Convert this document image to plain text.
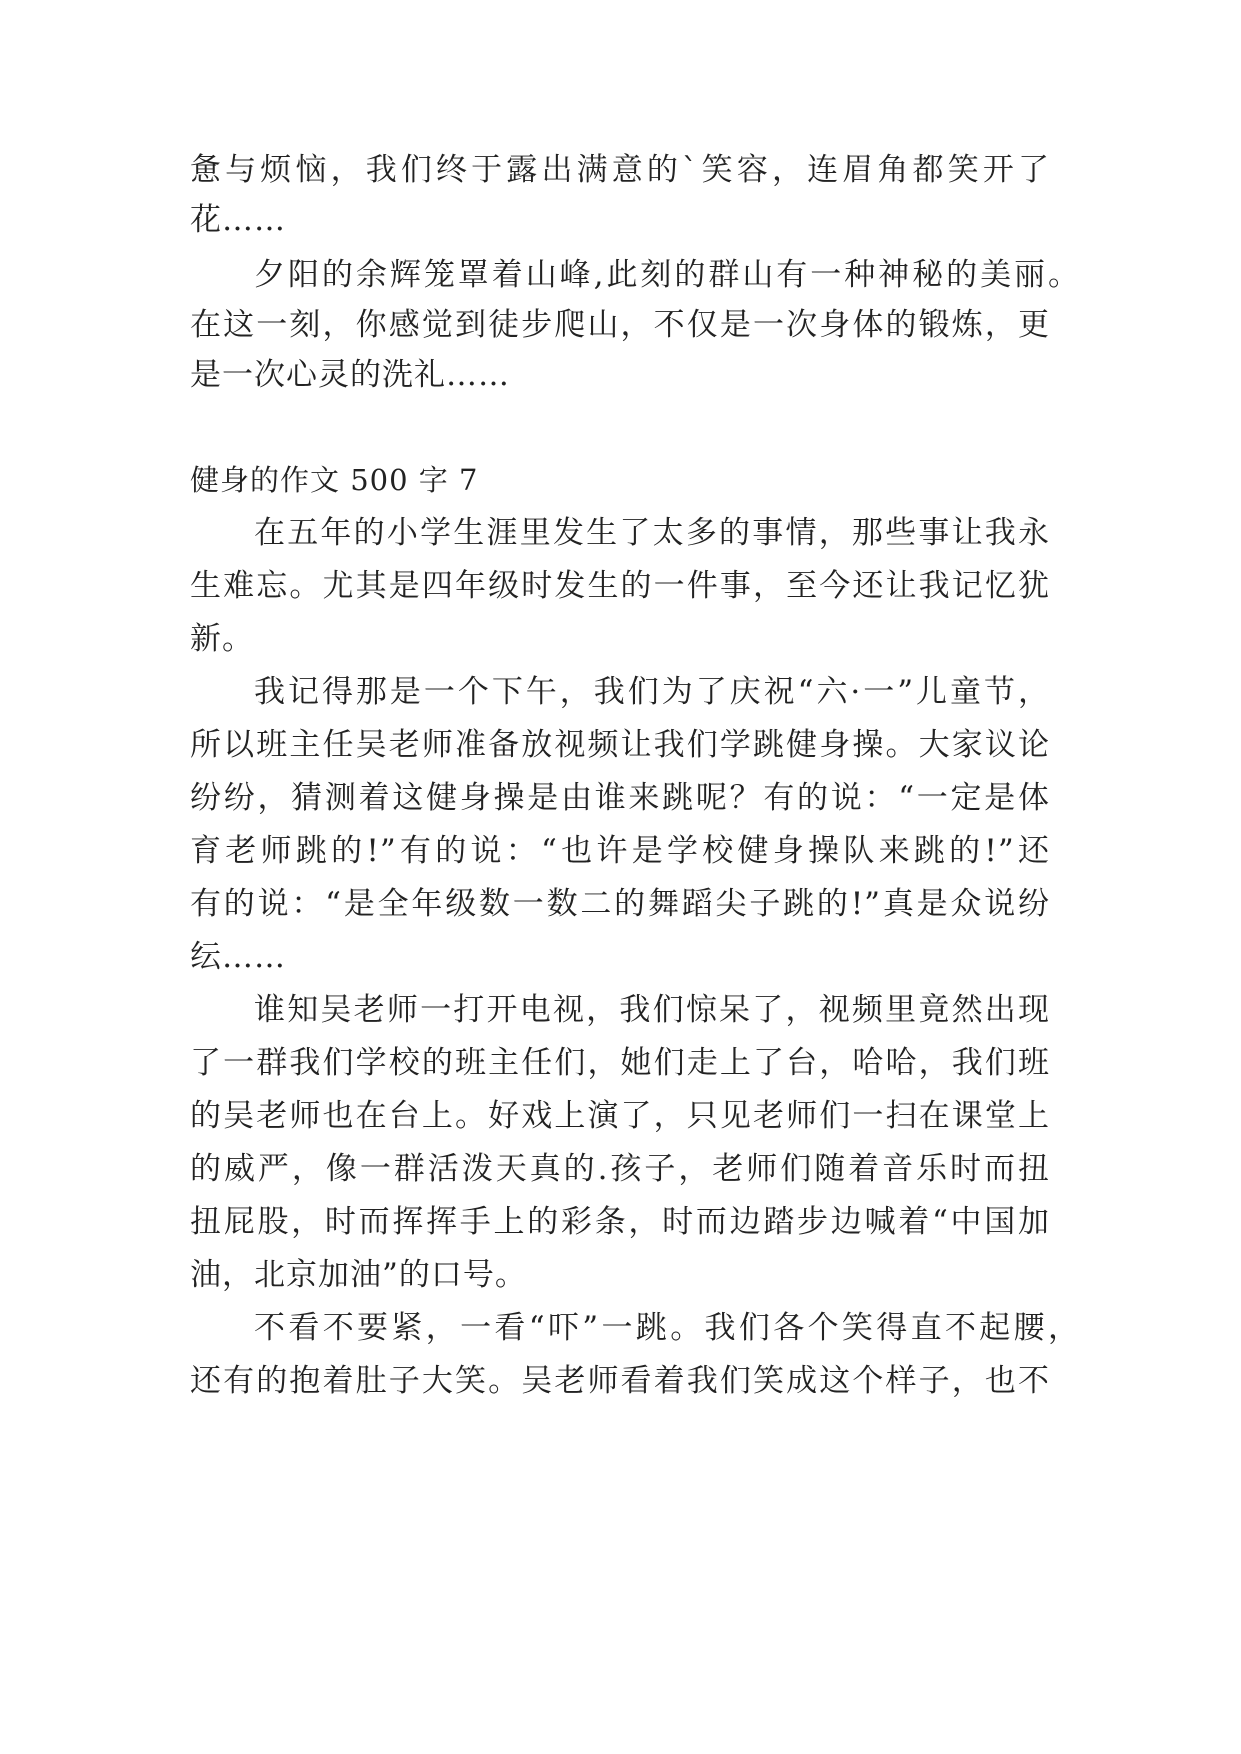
惫与烦恼，我们终于露出满意的`笑容，连眉角都笑开了
花……
夕阳的余辉笼罩着山峰,此刻的群山有一种神秘的美丽。
在这一刻，你感觉到徒步爬山，不仅是一次身体的锻炼，更
是一次心灵的洗礼……
健身的作文 500 字 7
在五年的小学生涯里发生了太多的事情，那些事让我永
生难忘。尤其是四年级时发生的一件事，至今还让我记忆犹
新。
我记得那是一个下午，我们为了庆祝“六·一”儿童节，
所以班主任吴老师准备放视频让我们学跳健身操。大家议论
纷纷，猜测着这健身操是由谁来跳呢？有的说：“一定是体
育老师跳的!”有的说：“也许是学校健身操队来跳的!”还
有的说：“是全年级数一数二的舞蹈尖子跳的!”真是众说纷
纭……
谁知吴老师一打开电视，我们惊呆了，视频里竟然出现
了一群我们学校的班主任们，她们走上了台，哈哈，我们班
的吴老师也在台上。好戏上演了，只见老师们一扫在课堂上
的威严，像一群活泼天真的.孩子，老师们随着音乐时而扭
扭屁股，时而挥挥手上的彩条，时而边踏步边喊着“中国加
油，北京加油”的口号。
不看不要紧，一看“吓”一跳。我们各个笑得直不起腰，
还有的抱着肚子大笑。吴老师看着我们笑成这个样子，也不
